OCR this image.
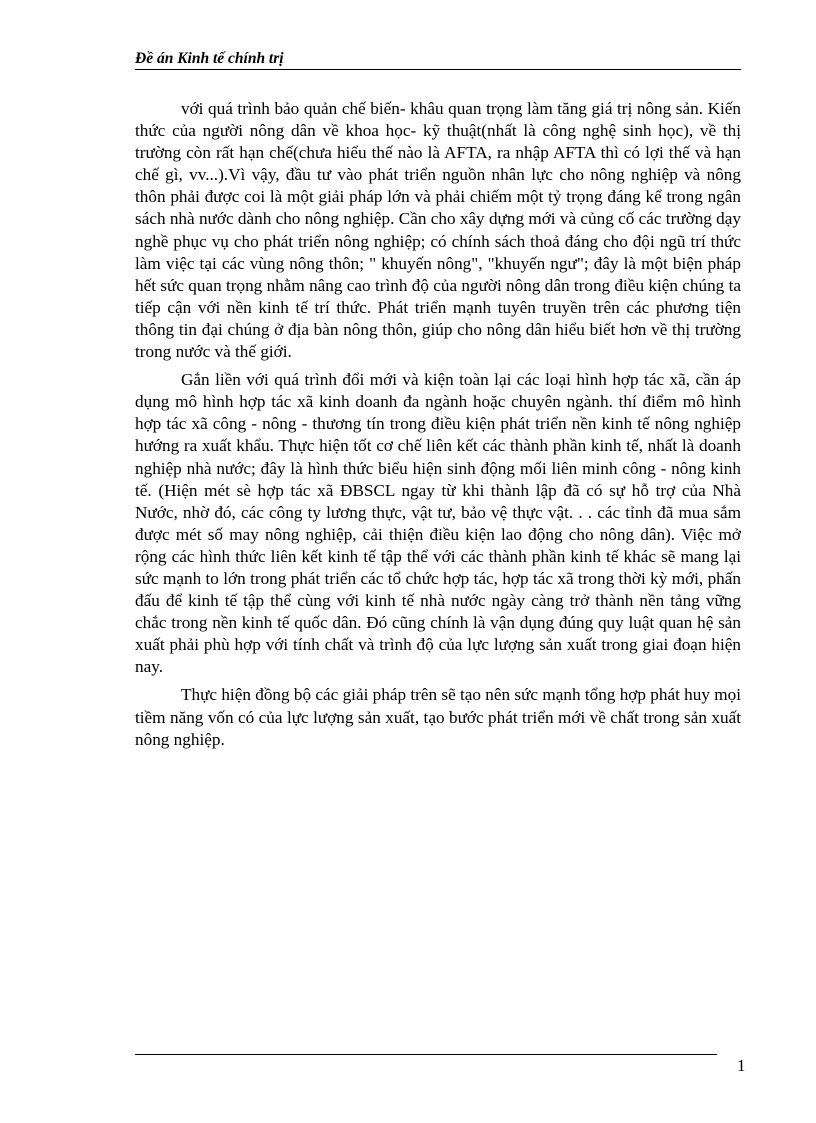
Đề án Kinh tế chính trị

với quá trình bảo quản chế biến- khâu quan trọng làm tăng giá trị nông sản. Kiến thức của người nông dân về khoa học- kỹ thuật(nhất là công nghệ sinh học), về thị trường còn rất hạn chế(chưa hiểu thế nào là AFTA, ra nhập AFTA thì có lợi thế và hạn chế gì, vv...).Vì vậy, đầu tư vào phát triển nguồn nhân lực cho nông nghiệp và nông thôn phải được coi là một giải pháp lớn và phải chiếm một tỷ trọng đáng kể trong ngân sách nhà nước dành cho nông nghiệp. Cần cho xây dựng mới và củng cố các trường dạy nghề phục vụ cho phát triển nông nghiệp; có chính sách thoả đáng cho đội ngũ trí thức làm việc tại các vùng nông thôn; " khuyến nông", "khuyến ngư"; đây là một biện pháp hết sức quan trọng nhằm nâng cao trình độ của người nông dân trong điều kiện chúng ta tiếp cận với nền kinh tế trí thức. Phát triển mạnh tuyên truyền trên các phương tiện thông tin đại chúng ở địa bàn nông thôn, giúp cho nông dân hiểu biết hơn về thị trường trong nước và thế giới.

Gắn liền với quá trình đổi mới và kiện toàn lại các loại hình hợp tác xã, cần áp dụng mô hình hợp tác xã kinh doanh đa ngành hoặc chuyên ngành. thí điểm mô hình hợp tác xã công - nông - thương tín trong điều kiện phát triển nền kinh tế nông nghiệp hướng ra xuất khẩu. Thực hiện tốt cơ chế liên kết các thành phần kinh tế, nhất là doanh nghiệp nhà nước; đây là hình thức biểu hiện sinh động mối liên minh công - nông kinh tế. (Hiện mét sè hợp tác xã ĐBSCL ngay từ khi thành lập đã có sự hỗ trợ của Nhà Nước, nhờ đó, các công ty lương thực, vật tư, bảo vệ thực vật. . . các tỉnh đã mua sắm được mét số may nông nghiệp, cải thiện điều kiện lao động cho nông dân). Việc mở rộng các hình thức liên kết kinh tế tập thể với các thành phần kinh tế khác sẽ mang lại sức mạnh to lớn trong phát triển các tổ chức hợp tác, hợp tác xã trong thời kỳ mới, phấn đấu để kinh tế tập thể cùng với kinh tế nhà nước ngày càng trở thành nền tảng vững chắc trong nền kinh tế quốc dân. Đó cũng chính là vận dụng đúng quy luật quan hệ sản xuất phải phù hợp với tính chất và trình độ của lực lượng sản xuất trong giai đoạn hiện nay.

Thực hiện đồng bộ các giải pháp trên sẽ tạo nên sức mạnh tổng hợp phát huy mọi tiềm năng vốn có của lực lượng sản xuất, tạo bước phát triển mới về chất trong sản xuất nông nghiệp.

1
